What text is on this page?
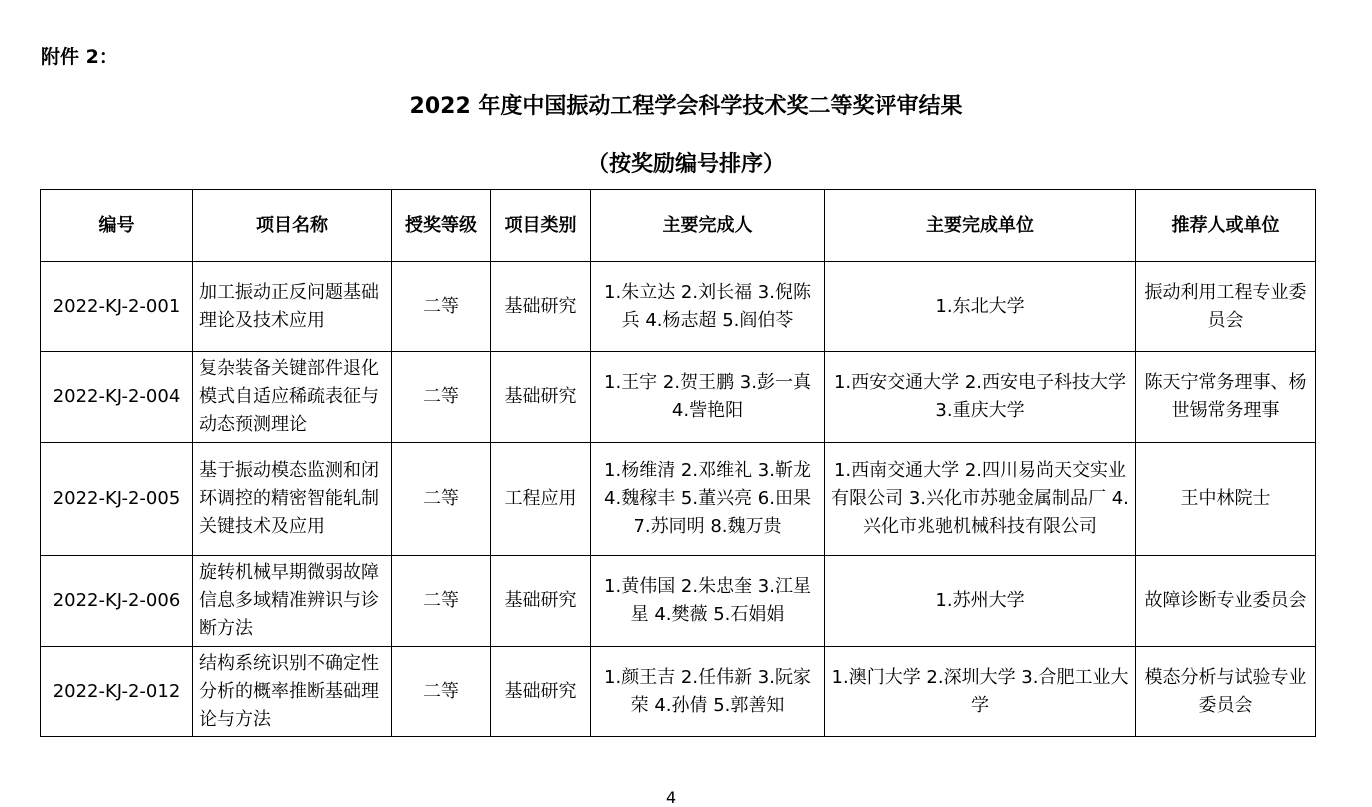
附件 2：
2022 年度中国振动工程学会科学技术奖二等奖评审结果
（按奖励编号排序）
编号	项目名称	授奖等级	项目类别	主要完成人	主要完成单位	推荐人或单位
2022-KJ-2-001	加工振动正反问题基础理论及技术应用	二等	基础研究	1.朱立达 2.刘长福 3.倪陈兵 4.杨志超 5.阎伯苓	1.东北大学	振动利用工程专业委员会
2022-KJ-2-004	复杂装备关键部件退化模式自适应稀疏表征与动态预测理论	二等	基础研究	1.王宇 2.贺王鹏 3.彭一真 4.訾艳阳	1.西安交通大学 2.西安电子科技大学 3.重庆大学	陈天宁常务理事、杨世锡常务理事
2022-KJ-2-005	基于振动模态监测和闭环调控的精密智能轧制关键技术及应用	二等	工程应用	1.杨维清 2.邓维礼 3.靳龙 4.魏稼丰 5.董兴亮 6.田果 7.苏同明 8.魏万贵	1.西南交通大学 2.四川易尚天交实业有限公司 3.兴化市苏驰金属制品厂 4.兴化市兆驰机械科技有限公司	王中林院士
2022-KJ-2-006	旋转机械早期微弱故障信息多域精准辨识与诊断方法	二等	基础研究	1.黄伟国 2.朱忠奎 3.江星星 4.樊薇 5.石娟娟	1.苏州大学	故障诊断专业委员会
2022-KJ-2-012	结构系统识别不确定性分析的概率推断基础理论与方法	二等	基础研究	1.颜王吉 2.任伟新 3.阮家荣 4.孙倩 5.郭善知	1.澳门大学 2.深圳大学 3.合肥工业大学	模态分析与试验专业委员会
4
